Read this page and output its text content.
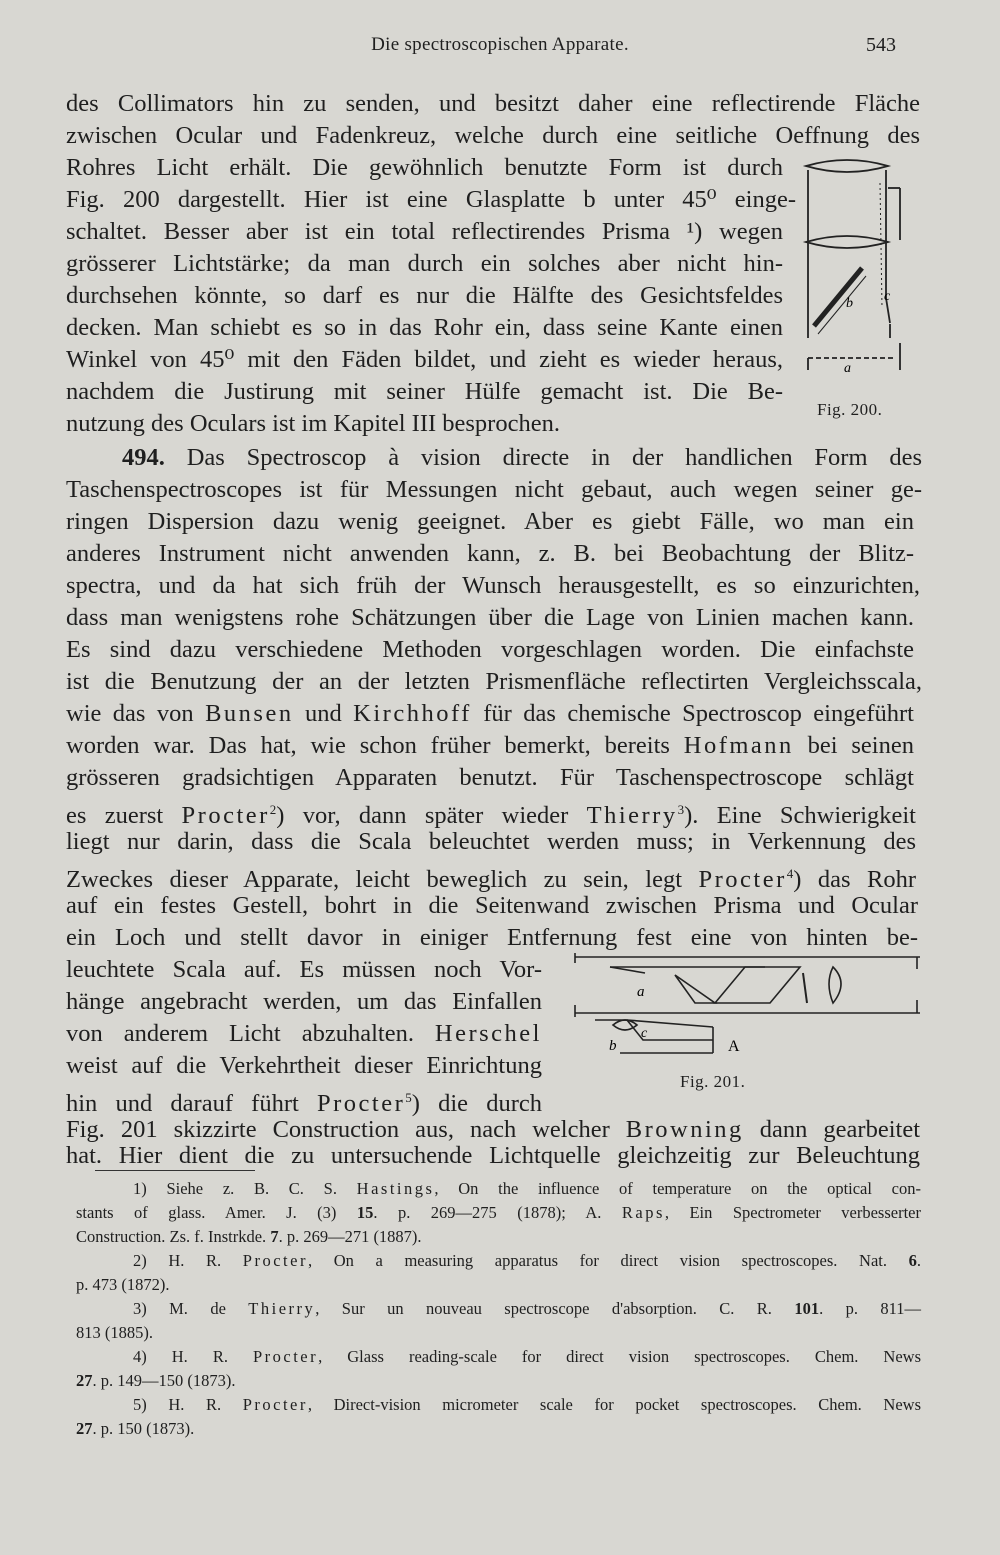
Die spectroscopischen Apparate.	543
des Collimators hin zu senden, und besitzt daher eine reflectirende Fläche
zwischen Ocular und Fadenkreuz, welche durch eine seitliche Oeffnung des
Rohres Licht erhält. Die gewöhnlich benutzte Form ist durch
Fig. 200 dargestellt. Hier ist eine Glasplatte b unter 45⁰ einge-
schaltet. Besser aber ist ein total reflectirendes Prisma ¹) wegen
grösserer Lichtstärke; da man durch ein solches aber nicht hin-
durchsehen könnte, so darf es nur die Hälfte des Gesichtsfeldes
decken. Man schiebt es so in das Rohr ein, dass seine Kante einen
Winkel von 45⁰ mit den Fäden bildet, und zieht es wieder heraus,
nachdem die Justirung mit seiner Hülfe gemacht ist. Die Be-
nutzung des Oculars ist im Kapitel III besprochen.
b c
a
Fig. 200.
494. Das Spectroscop à vision directe in der handlichen Form des
Taschenspectroscopes ist für Messungen nicht gebaut, auch wegen seiner ge-
ringen Dispersion dazu wenig geeignet. Aber es giebt Fälle, wo man ein
anderes Instrument nicht anwenden kann, z. B. bei Beobachtung der Blitz-
spectra, und da hat sich früh der Wunsch herausgestellt, es so einzurichten,
dass man wenigstens rohe Schätzungen über die Lage von Linien machen kann.
Es sind dazu verschiedene Methoden vorgeschlagen worden. Die einfachste
ist die Benutzung der an der letzten Prismenfläche reflectirten Vergleichsscala,
wie das von Bunsen und Kirchhoff für das chemische Spectroscop eingeführt
worden war. Das hat, wie schon früher bemerkt, bereits Hofmann bei seinen
grösseren gradsichtigen Apparaten benutzt. Für Taschenspectroscope schlägt
es zuerst Procter$^2$) vor, dann später wieder Thierry$^3$). Eine Schwierigkeit
liegt nur darin, dass die Scala beleuchtet werden muss; in Verkennung des
Zweckes dieser Apparate, leicht beweglich zu sein, legt Procter$^4$) das Rohr
auf ein festes Gestell, bohrt in die Seitenwand zwischen Prisma und Ocular
ein Loch und stellt davor in einiger Entfernung fest eine von hinten be-
leuchtete Scala auf. Es müssen noch Vor-
hänge angebracht werden, um das Einfallen
von anderem Licht abzuhalten. Herschel
weist auf die Verkehrtheit dieser Einrichtung
hin und darauf führt Procter$^5$) die durch
Fig. 201 skizzirte Construction aus, nach welcher Browning dann gearbeitet
hat. Hier dient die zu untersuchende Lichtquelle gleichzeitig zur Beleuchtung
a
b
c
A
Fig. 201.
1) Siehe z. B. C. S. Hastings, On the influence of temperature on the optical con-
stants of glass. Amer. J. (3) 15. p. 269—275 (1878); A. Raps, Ein Spectrometer verbesserter
Construction. Zs. f. Instrkde. 7. p. 269—271 (1887).
2) H. R. Procter, On a measuring apparatus for direct vision spectroscopes. Nat. 6.
p. 473 (1872).
3) M. de Thierry, Sur un nouveau spectroscope d'absorption. C. R. 101. p. 811—
813 (1885).
4) H. R. Procter, Glass reading-scale for direct vision spectroscopes. Chem. News
27. p. 149—150 (1873).
5) H. R. Procter, Direct-vision micrometer scale for pocket spectroscopes. Chem. News
27. p. 150 (1873).
